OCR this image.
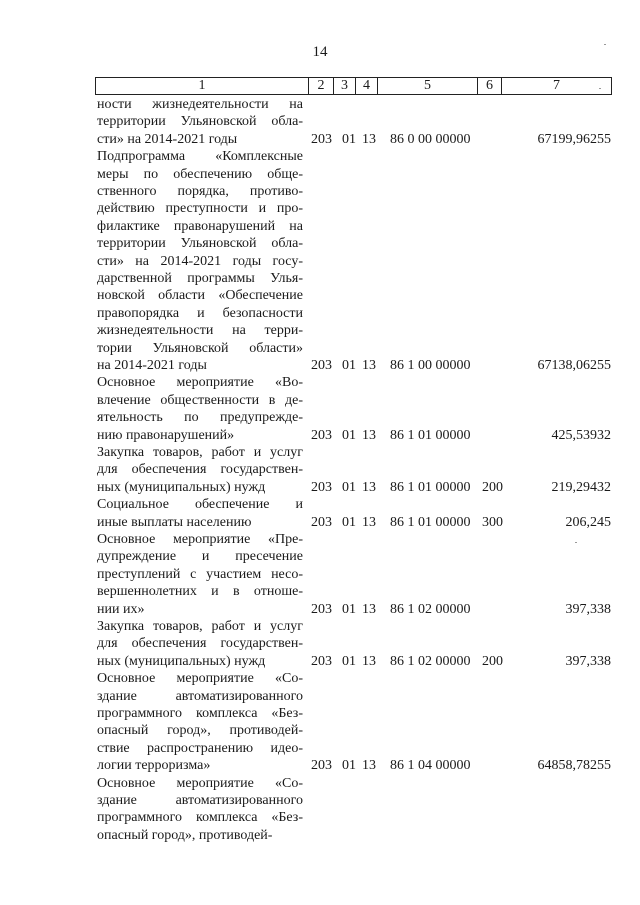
14
1	2	3	4	5	6	7
ности   жизнедеятельности   на
территории Ульяновской обла-
сти» на 2014-2021 годы	203 01 13 86 0 00 00000	67199,96255
Подпрограмма «Комплексные
меры по обеспечению обще-
ственного порядка, противо-
действию преступности и про-
филактике правонарушений на
территории Ульяновской обла-
сти» на 2014-2021 годы госу-
дарственной программы Улья-
новской области «Обеспечение
правопорядка и безопасности
жизнедеятельности на терри-
тории   Ульяновской   области»
на 2014-2021 годы	203 01 13 86 1 00 00000	67138,06255
Основное мероприятие «Во-
влечение общественности в де-
ятельность по предупрежде-
нию правонарушений»	203 01 13 86 1 01 00000	425,53932
Закупка товаров, работ и услуг
для обеспечения государствен-
ных (муниципальных) нужд	203 01 13 86 1 01 00000 200	219,29432
Социальное   обеспечение   и
иные выплаты населению	203 01 13 86 1 01 00000 300	206,245
Основное мероприятие «Пре-
дупреждение   и   пресечение
преступлений с участием несо-
вершеннолетних и в отноше-
нии их»	203 01 13 86 1 02 00000	397,338
Закупка товаров, работ и услуг
для обеспечения государствен-
ных (муниципальных) нужд	203 01 13 86 1 02 00000 200	397,338
Основное   мероприятие   «Со-
здание   автоматизированного
программного комплекса «Без-
опасный город», противодей-
ствие распространению идео-
логии терроризма»	203 01 13 86 1 04 00000	64858,78255
Основное   мероприятие   «Со-
здание   автоматизированного
программного комплекса «Без-
опасный город», противодей-
